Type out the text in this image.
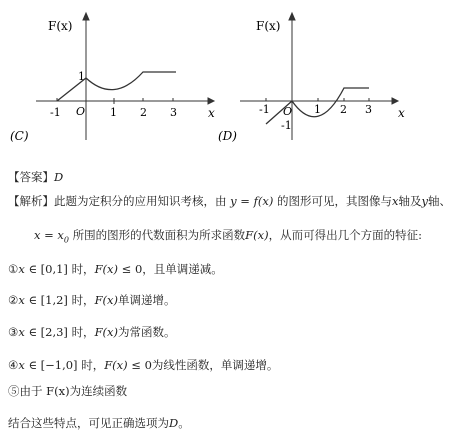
F(x)
1
O
-1	1 2 3	x
(C)
F(x)
O
-1
-1	1 2 3 x
(D)
【答案】D
【解析】此题为定积分的应用知识考核，由 y = f(x) 的图形可见，其图像与x轴及y轴、
$x = x_0$ 所围的图形的代数面积为所求函数F(x)，从而可得出几个方面的特征:
①x ∈ [0,1] 时，F(x) ≤ 0，且单调递减。
②x ∈ [1,2] 时，F(x)单调递增。
③x ∈ [2,3] 时，F(x)为常函数。
④x ∈ [−1,0] 时，F(x) ≤ 0为线性函数，单调递增。
⑤由于 F(x)为连续函数
结合这些特点，可见正确选项为D。
